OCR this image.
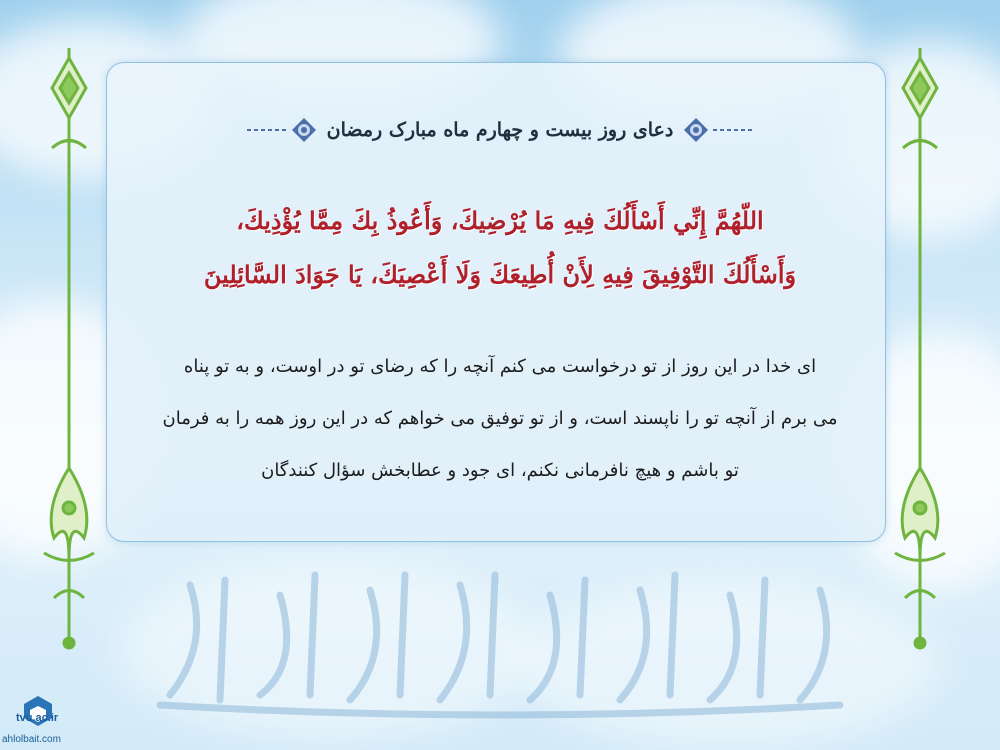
دعای روز بیست و چهارم ماه مبارک رمضان
اللّهُمَّ إِنِّي أَسْأَلُكَ فِيهِ مَا يُرْضِيكَ، وَأَعُوذُ بِكَ مِمَّا يُؤْذِيكَ،
وَأَسْأَلُكَ التَّوْفِيقَ فِيهِ لِأَنْ أُطِيعَكَ وَلَا أَعْصِيَكَ، يَا جَوَادَ السَّائِلِينَ
ای خدا در این روز از تو درخواست می کنم آنچه را که رضای تو در اوست، و به تو پناه
می برم از آنچه تو را ناپسند است، و از تو توفیق می خواهم که در این روز همه را به فرمان
تو باشم و هیچ نافرمانی نکنم، ای جود و عطابخش سؤال کنندگان
tvu.ac.ir
ahlolbait.com
